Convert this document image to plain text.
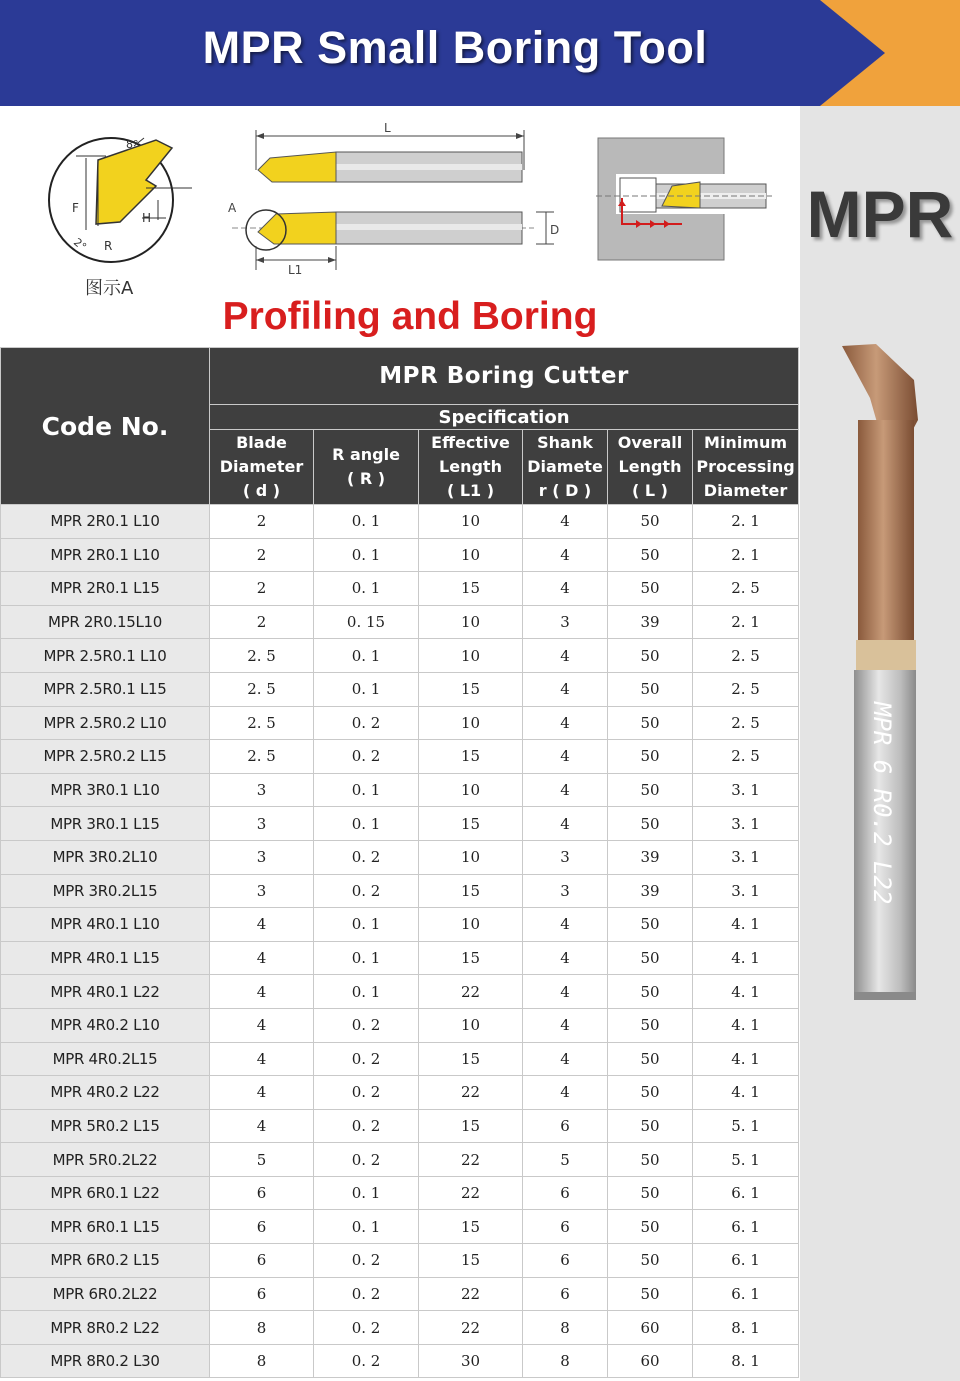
MPR Small Boring Tool
MPR
8°
F
H
R
2°
图示A
L
A
D
L1
Profiling and Boring
Code No.	MPR Boring Cutter					
	Specification					

	Blade
Diameter
( d )	R angle
( R )	Effective
Length
( L1 )	Shank
Diamete
r ( D )	Overall
Length
( L )	Minimum
Processing
Diameter

MPR 2R0.1 L10	2	0. 1	10	4	50	2. 1
MPR 2R0.1 L10	2	0. 1	10	4	50	2. 1
MPR 2R0.1 L15	2	0. 1	15	4	50	2. 5
MPR 2R0.15L10	2	0. 15	10	3	39	2. 1
MPR 2.5R0.1 L10	2. 5	0. 1	10	4	50	2. 5
MPR 2.5R0.1 L15	2. 5	0. 1	15	4	50	2. 5
MPR 2.5R0.2 L10	2. 5	0. 2	10	4	50	2. 5
MPR 2.5R0.2 L15	2. 5	0. 2	15	4	50	2. 5
MPR 3R0.1 L10	3	0. 1	10	4	50	3. 1
MPR 3R0.1 L15	3	0. 1	15	4	50	3. 1
MPR 3R0.2L10	3	0. 2	10	3	39	3. 1
MPR 3R0.2L15	3	0. 2	15	3	39	3. 1
MPR 4R0.1 L10	4	0. 1	10	4	50	4. 1
MPR 4R0.1 L15	4	0. 1	15	4	50	4. 1
MPR 4R0.1 L22	4	0. 1	22	4	50	4. 1
MPR 4R0.2 L10	4	0. 2	10	4	50	4. 1
MPR 4R0.2L15	4	0. 2	15	4	50	4. 1
MPR 4R0.2 L22	4	0. 2	22	4	50	4. 1
MPR 5R0.2 L15	4	0. 2	15	6	50	5. 1
MPR 5R0.2L22	5	0. 2	22	5	50	5. 1
MPR 6R0.1 L22	6	0. 1	22	6	50	6. 1
MPR 6R0.1 L15	6	0. 1	15	6	50	6. 1
MPR 6R0.2 L15	6	0. 2	15	6	50	6. 1
MPR 6R0.2L22	6	0. 2	22	6	50	6. 1
MPR 8R0.2 L22	8	0. 2	22	8	60	8. 1
MPR 8R0.2 L30	8	0. 2	30	8	60	8. 1
MPR 6 R0.2 L22
